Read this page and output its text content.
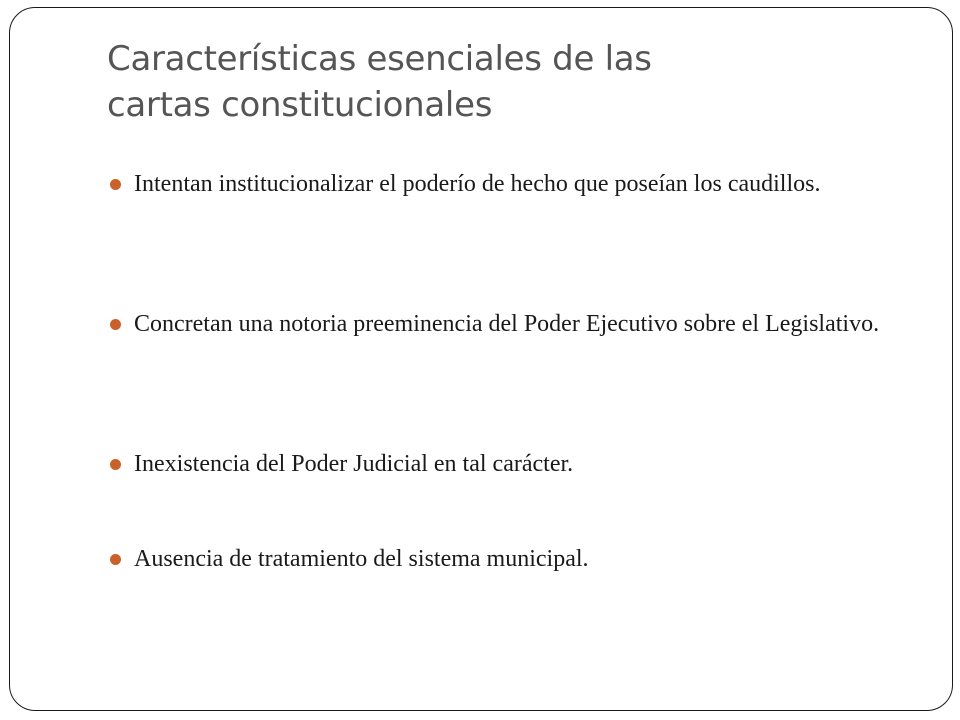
Características esenciales de las
cartas constitucionales
Intentan institucionalizar el poderío de hecho que poseían los caudillos.
Concretan una notoria preeminencia del Poder Ejecutivo sobre el Legislativo.
Inexistencia del Poder Judicial en tal carácter.
Ausencia de tratamiento del sistema municipal.
